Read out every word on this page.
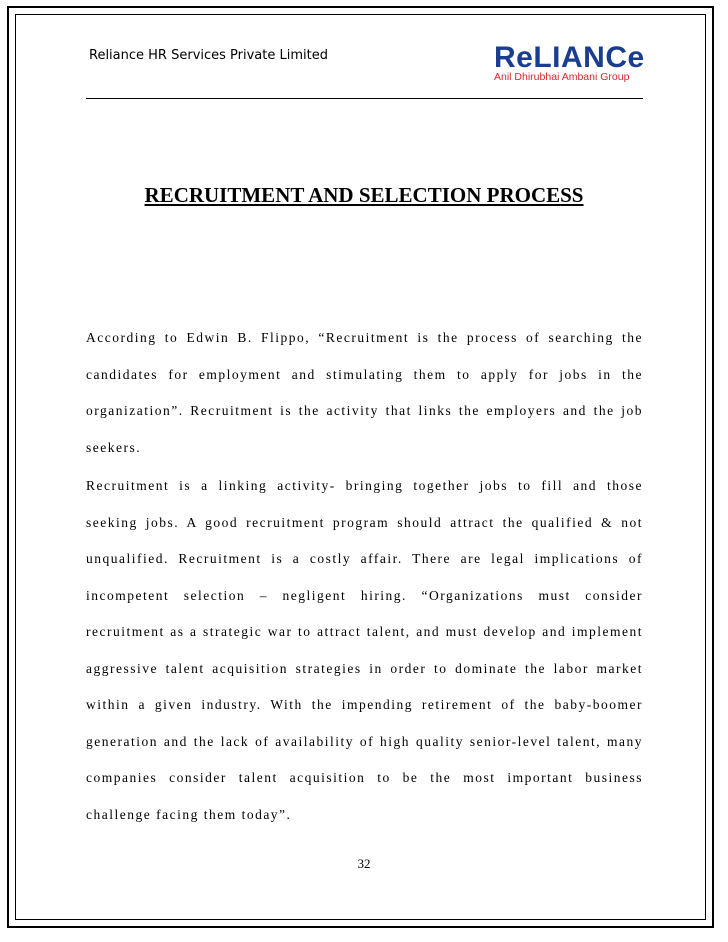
Reliance HR Services Private Limited	ReLIANCe
Anil Dhirubhai Ambani Group
RECRUITMENT AND SELECTION PROCESS

According to Edwin B. Flippo, “Recruitment is the process of searching the candidates for employment and stimulating them to apply for jobs in the organization”. Recruitment is the activity that links the employers and the job seekers.

Recruitment is a linking activity- bringing together jobs to fill and those seeking jobs. A good recruitment program should attract the qualified & not unqualified. Recruitment is a costly affair. There are legal implications of incompetent selection – negligent hiring. “Organizations must consider recruitment as a strategic war to attract talent, and must develop and implement aggressive talent acquisition strategies in order to dominate the labor market within a given industry. With the impending retirement of the baby-boomer generation and the lack of availability of high quality senior-level talent, many companies consider talent acquisition to be the most important business challenge facing them today”.

32
